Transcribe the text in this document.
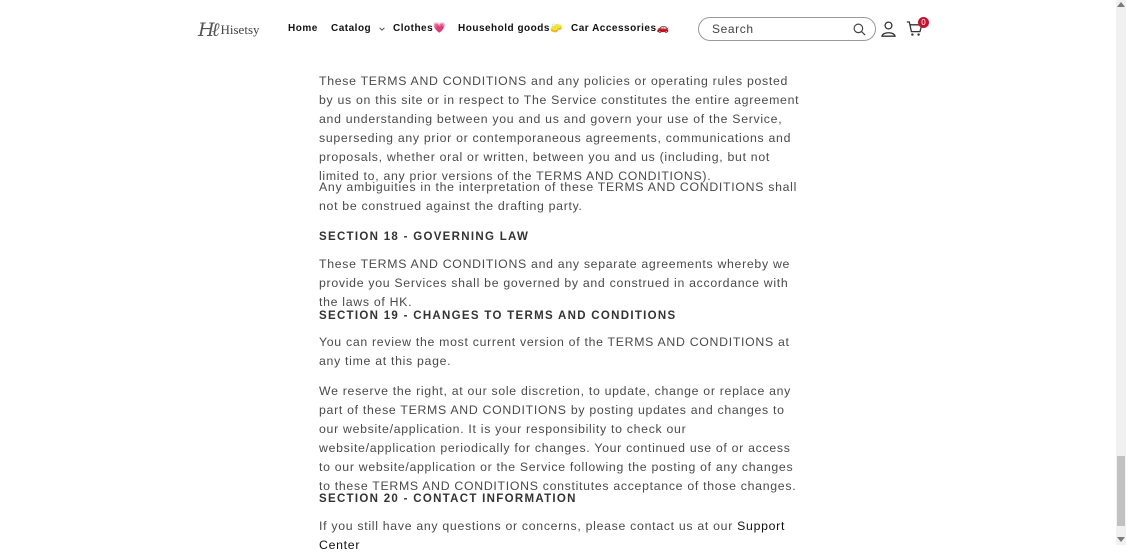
H ℓ Hisetsy	Home Catalog Clothes💗 Household goods🧽 Car Accessories🚗
Search
0

These TERMS AND CONDITIONS and any policies or operating rules posted by us on this site or in respect to The Service constitutes the entire agreement and understanding between you and us and govern your use of the Service, superseding any prior or contemporaneous agreements, communications and proposals, whether oral or written, between you and us (including, but not limited to, any prior versions of the TERMS AND CONDITIONS).

Any ambiguities in the interpretation of these TERMS AND CONDITIONS shall not be construed against the drafting party.

SECTION 18 - GOVERNING LAW

These TERMS AND CONDITIONS and any separate agreements whereby we provide you Services shall be governed by and construed in accordance with the laws of HK.

SECTION 19 - CHANGES TO TERMS AND CONDITIONS

You can review the most current version of the TERMS AND CONDITIONS at any time at this page.

We reserve the right, at our sole discretion, to update, change or replace any part of these TERMS AND CONDITIONS by posting updates and changes to our website/application. It is your responsibility to check our website/application periodically for changes. Your continued use of or access to our website/application or the Service following the posting of any changes to these TERMS AND CONDITIONS constitutes acceptance of those changes.

SECTION 20 - CONTACT INFORMATION

If you still have any questions or concerns, please contact us at our Support Center
